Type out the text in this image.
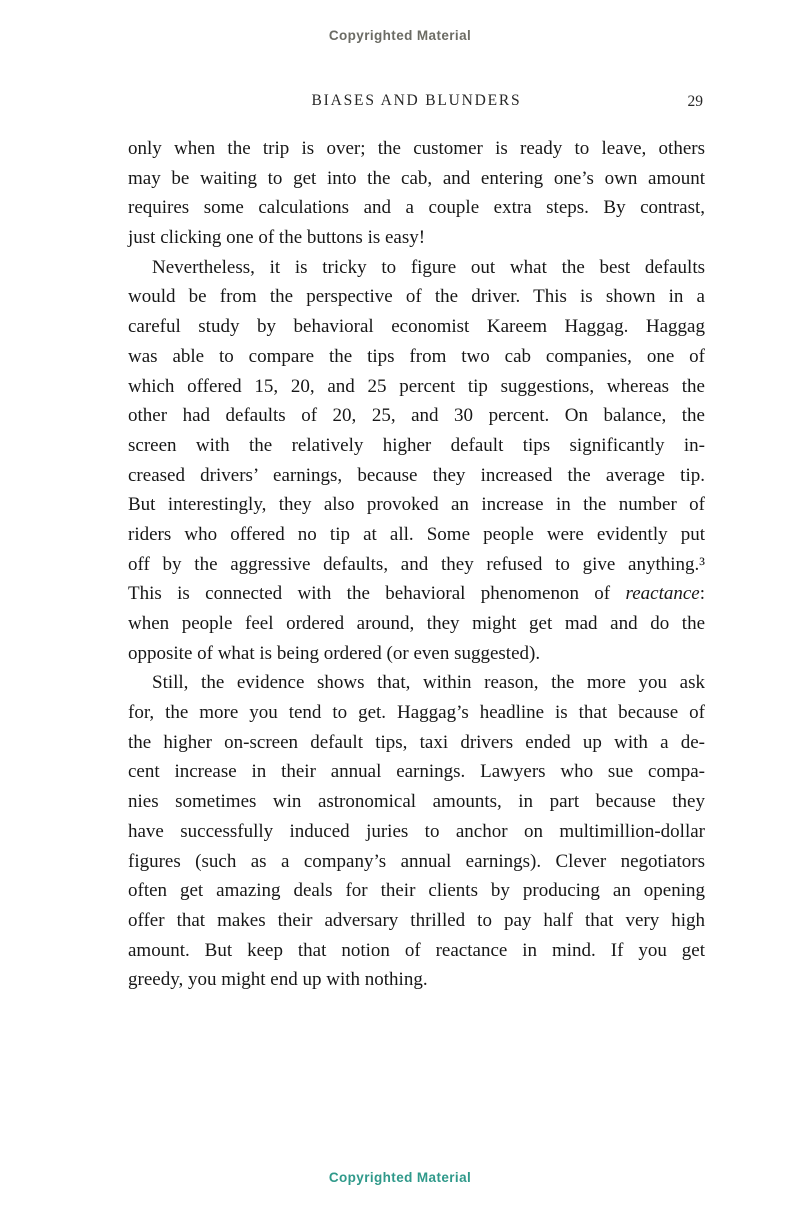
Copyrighted Material
BIASES AND BLUNDERS	29
only when the trip is over; the customer is ready to leave, others
may be waiting to get into the cab, and entering one’s own amount
requires some calculations and a couple extra steps. By contrast,
just clicking one of the buttons is easy!
Nevertheless, it is tricky to figure out what the best defaults
would be from the perspective of the driver. This is shown in a
careful study by behavioral economist Kareem Haggag. Haggag
was able to compare the tips from two cab companies, one of
which offered 15, 20, and 25 percent tip suggestions, whereas the
other had defaults of 20, 25, and 30 percent. On balance, the
screen with the relatively higher default tips significantly in-
creased drivers’ earnings, because they increased the average tip.
But interestingly, they also provoked an increase in the number of
riders who offered no tip at all. Some people were evidently put
off by the aggressive defaults, and they refused to give anything.³
This is connected with the behavioral phenomenon of reactance:
when people feel ordered around, they might get mad and do the
opposite of what is being ordered (or even suggested).
Still, the evidence shows that, within reason, the more you ask
for, the more you tend to get. Haggag’s headline is that because of
the higher on-screen default tips, taxi drivers ended up with a de-
cent increase in their annual earnings. Lawyers who sue compa-
nies sometimes win astronomical amounts, in part because they
have successfully induced juries to anchor on multimillion-dollar
figures (such as a company’s annual earnings). Clever negotiators
often get amazing deals for their clients by producing an opening
offer that makes their adversary thrilled to pay half that very high
amount. But keep that notion of reactance in mind. If you get
greedy, you might end up with nothing.
Copyrighted Material
